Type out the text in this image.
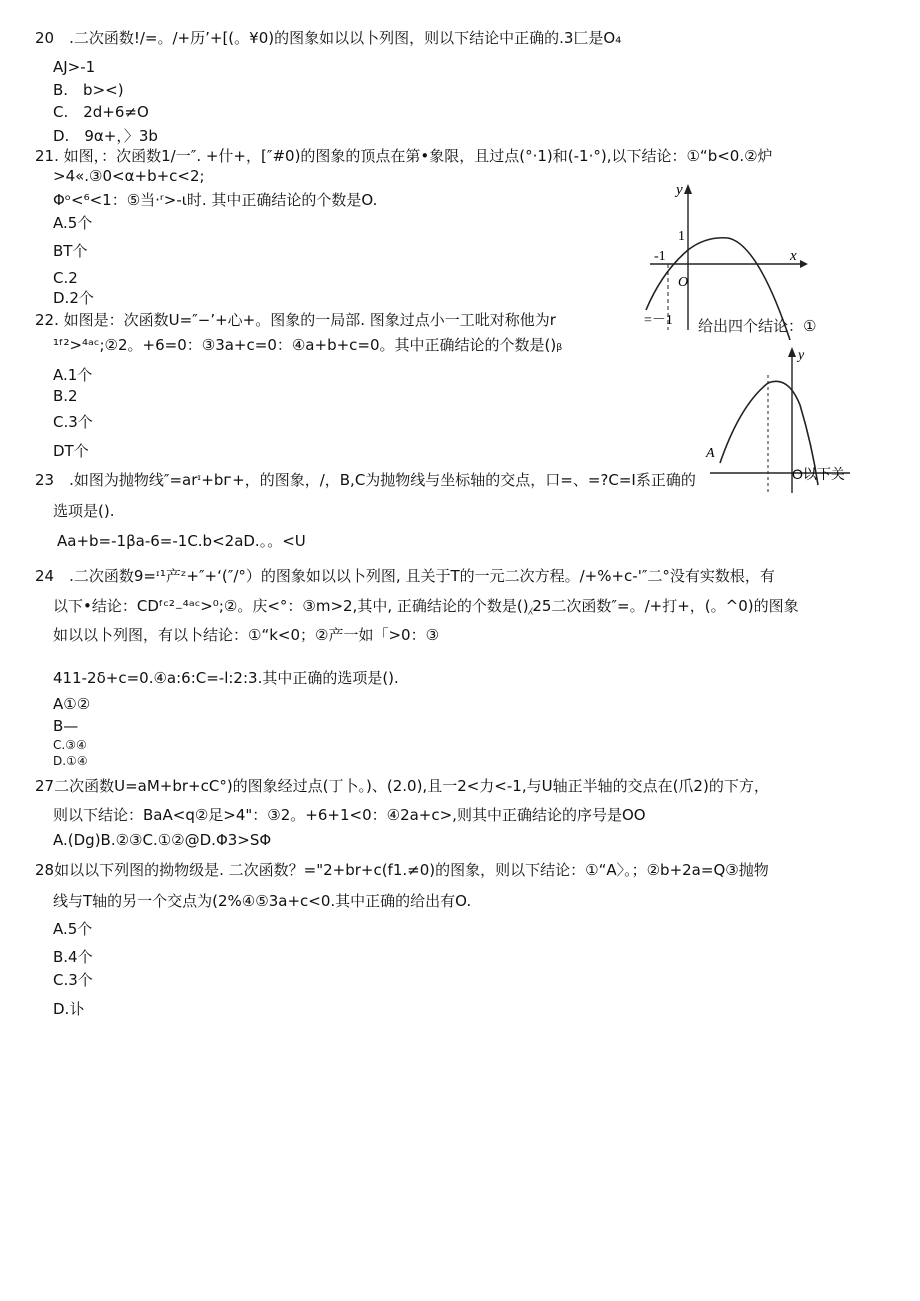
20　.二次函数!/=。/+历’+[(。¥0)的图象如以以卜列图，则以下结论中正确的.3匚是O₄
AJ>-1
B.　b><)
C.　2d+6≠O
D.　9α+，〉3b
21. 如图，：次函数1/一″. +什+，[″#0)的图象的顶点在第•象限，且过点(°·1)和(-1·°),以下结论：①“b<0.②炉
>4«.③0<α+b+c<2;
Φᵒ<⁶<1：⑤当·ʳ>-ι时. 其中正确结论的个数是O.
A.5个
BT个
C.2
D.2个
y
x
1
-1
O
=－1
22. 如图是：次函数U=″−’+心+。图象的一局部. 图象过点小一工吡对称他为r	给出四个结论：①
¹ᶠ²>⁴ᵃᶜ;②2。+6=0：③3a+c=0：④a+b+c=0。其中正确结论的个数是()ᵦ
A.1个
B.2
C.3个
DT个
y
A
O以下关
23　.如图为抛物线″=arᶦ+bᴦ+，的图象，/，B,C为抛物线与坐标轴的交点，口=、=?C=I系正确的
选项是().
Aa+b=-1βa-6=-1C.b<2aD.。。<U
24　.二次函数9=ᶦ¹产ᶻ+″+‘(″/°）的图象如以以卜列图, 且关于T的一元二次方程。/+%+c-'″二°没有实数根，有
以下•结论：CDᶠᶜ²₋⁴ᵃᶜ>⁰;②。庆<°：③m>2,其中, 正确结论的个数是()⁁25二次函数″=。/+打+，(。^0)的图象
如以以卜列图，有以卜结论：①“k<0；②产一如「>0：③
411-2δ+c=0.④a:6:C=-l:2:3.其中正确的选项是().
A①②
B—
C.③④
D.①④
27二次函数U=aM+br+cC°)的图象经过点(丁卜。)、(2.0),且一2<力<-1,与U轴正半轴的交点在(爪2)的下方，
则以下结论：BaA<q②足>4"：③2。+6+1<0：④2a+c>,则其中正确结论的序号是OO
A.(Dg)B.②③C.①②@D.Φ3>SΦ
28如以以下列图的拗物级是. 二次函数？="2+br+c(f1.≠0)的图象，则以下结论：①“A〉。；②b+2a=Q③抛物
线与T轴的另一个交点为(2%④⑤3a+c<0.其中正确的给出有O.
A.5个
B.4个
C.3个
D.讣
